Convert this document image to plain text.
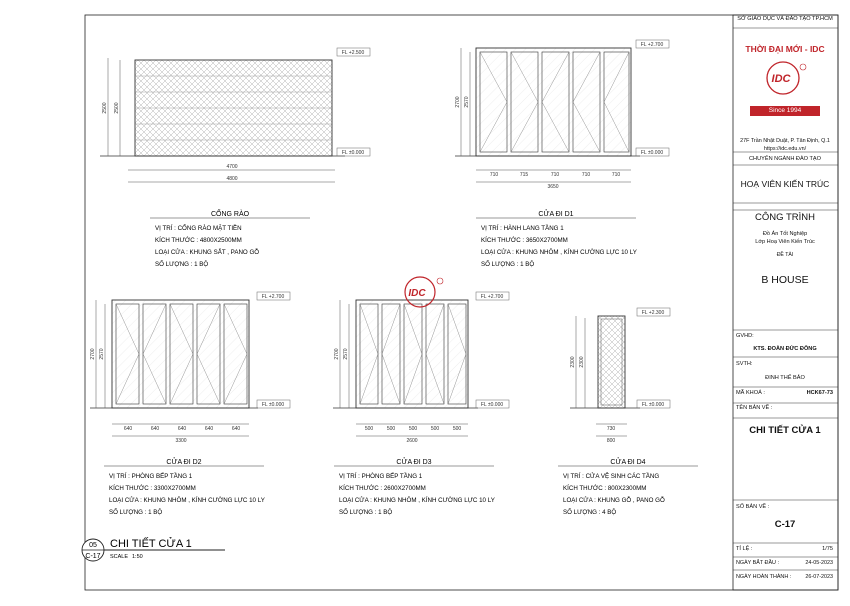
FL +2.500
FL ±0.000
2500 2500
4700
4800
FL +2.700
FL ±0.000
2700 2570
710	715	710	710	710
3650
FL +2.700
FL ±0.000
2700 2570
640	640	640	640	640
3300
FL +2.700
FL ±0.000
2700 2570
500	500	500	500	500
2600
FL +2.300
FL ±0.000
2300 2300
730
800
CỔNG RÀO
VỊ TRÍ : CỔNG RÀO MẶT TIỀN
KÍCH THƯỚC : 4800X2500MM
LOẠI CỬA : KHUNG SẮT , PANO GỖ
SỐ LƯỢNG : 1 BỘ
CỬA ĐI D1
VỊ TRÍ : HÀNH LANG TẦNG 1
KÍCH THƯỚC : 3650X2700MM
LOẠI CỬA : KHUNG NHÔM , KÍNH CƯỜNG LỰC 10 LY
SỐ LƯỢNG : 1 BỘ
CỬA ĐI D2
VỊ TRÍ : PHÒNG BẾP TẦNG 1
KÍCH THƯỚC : 3300X2700MM
LOẠI CỬA : KHUNG NHÔM , KÍNH CƯỜNG LỰC 10 LY
SỐ LƯỢNG : 1 BỘ
CỬA ĐI D3
VỊ TRÍ : PHÒNG BẾP TẦNG 1
KÍCH THƯỚC : 2600X2700MM
LOẠI CỬA : KHUNG NHÔM , KÍNH CƯỜNG LỰC 10 LY
SỐ LƯỢNG : 1 BỘ
CỬA ĐI D4
VỊ TRÍ : CỬA VỆ SINH CÁC TẦNG
KÍCH THƯỚC : 800X2300MM
LOẠI CỬA : KHUNG GỖ , PANO GỖ
SỐ LƯỢNG : 4 BỘ
IDC
05
C-17
CHI TIẾT CỬA 1
SCALE 1:50
SỞ GIÁO DỤC VÀ ĐÀO TẠO TP.HCM
THỜI ĐẠI MỚI - IDC
IDC
Since 1994
27F Trần Nhật Duật, P. Tân Định, Q.1
https://idc.edu.vn/
CHUYÊN NGÀNH ĐÀO TẠO
HOẠ VIÊN KIẾN TRÚC
CÔNG TRÌNH
Đồ Án Tốt Nghiệp
Lớp Hoạ Viên Kiến Trúc
ĐỀ TÀI
B HOUSE
GVHD:
KTS. ĐOÀN ĐỨC ĐÔNG
SVTH:
ĐINH THẾ BẢO
MÃ KHOÁ :	HCK67-73
TÊN BẢN VẼ :
CHI TIẾT CỬA 1
SỐ BẢN VẼ :
C-17
TỈ LỆ :	1/75
NGÀY BẮT ĐẦU :	24-05-2023
NGÀY HOÀN THÀNH :	26-07-2023
